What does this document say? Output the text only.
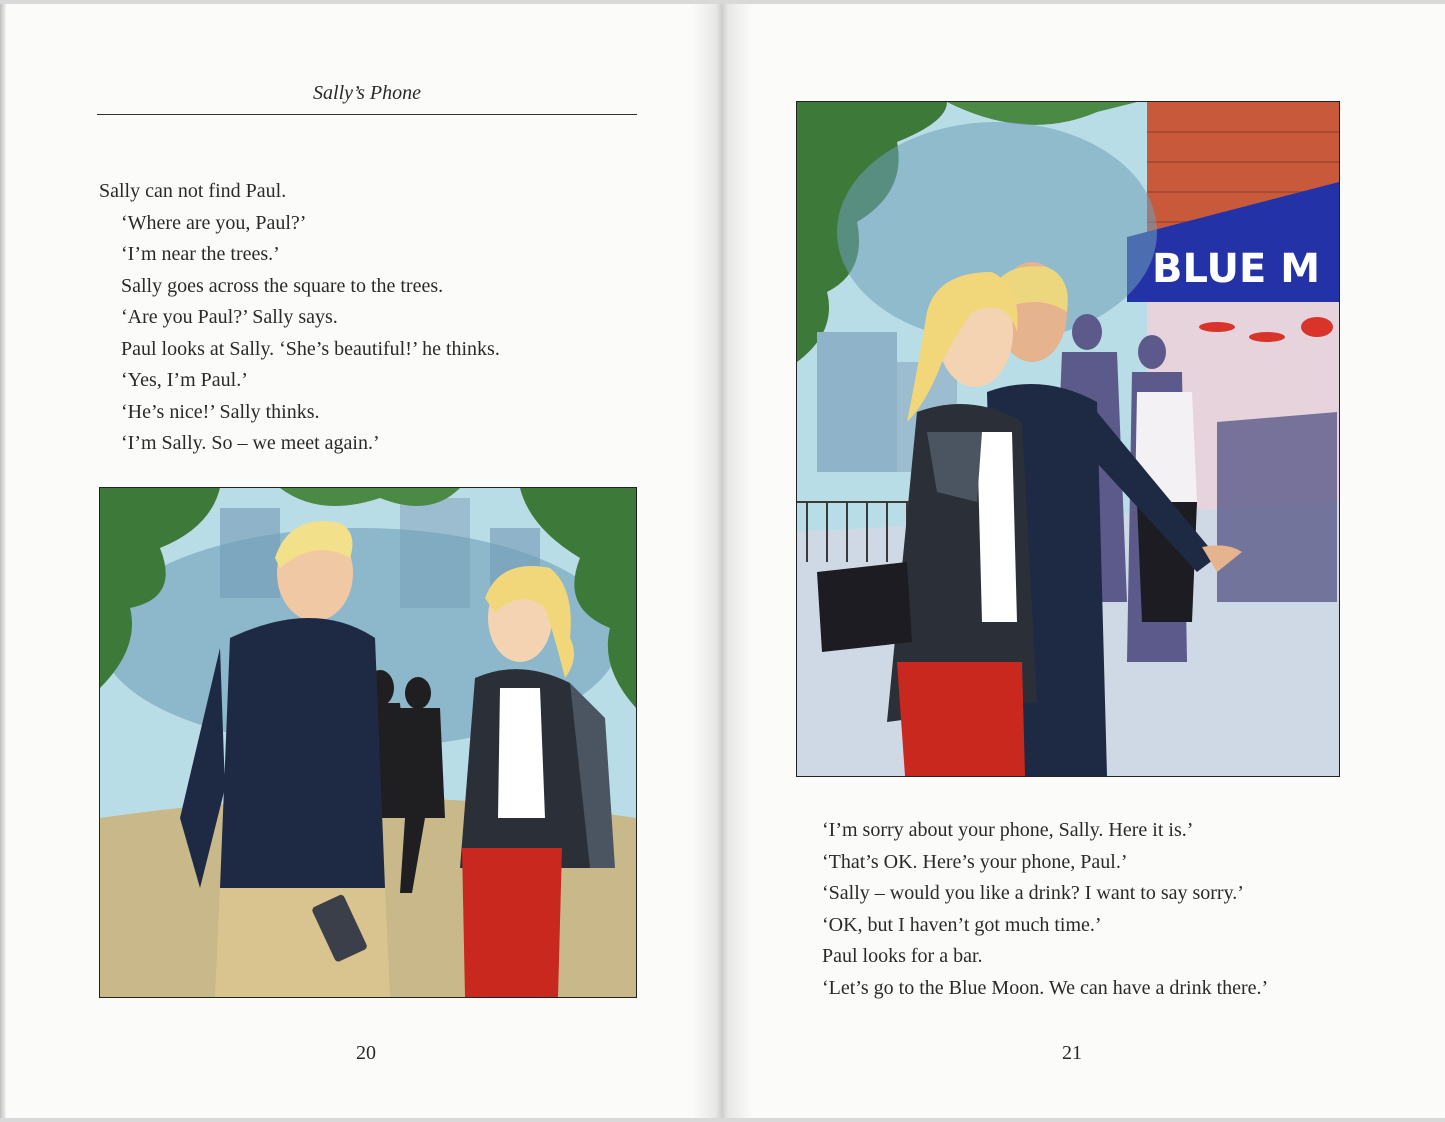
Sally’s Phone

Sally can not find Paul.

‘Where are you, Paul?’

‘I’m near the trees.’

Sally goes across the square to the trees.

‘Are you Paul?’ Sally says.

Paul looks at Sally. ‘She’s beautiful!’ he thinks.

‘Yes, I’m Paul.’

‘He’s nice!’ Sally thinks.

‘I’m Sally. So – we meet again.’

20
BLUE M

‘I’m sorry about your phone, Sally. Here it is.’

‘That’s OK. Here’s your phone, Paul.’

‘Sally – would you like a drink? I want to say sorry.’

‘OK, but I haven’t got much time.’

Paul looks for a bar.

‘Let’s go to the Blue Moon. We can have a drink there.’

21
